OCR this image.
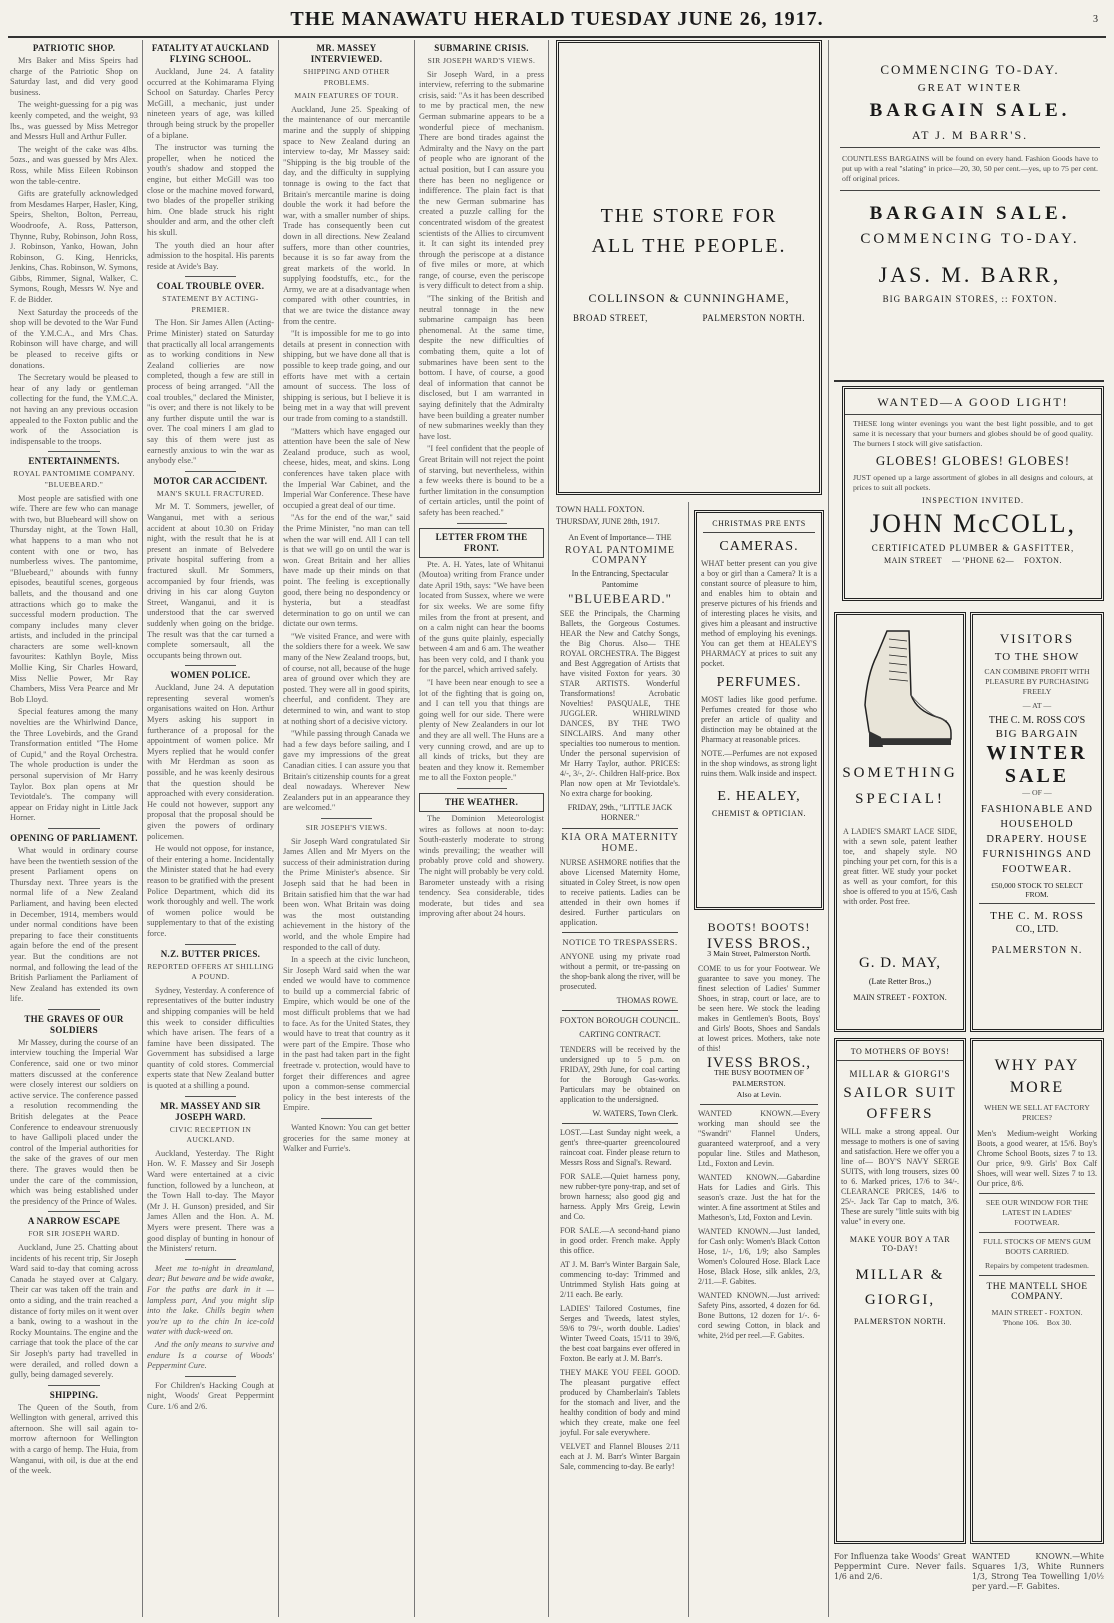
THE MANAWATU HERALD TUESDAY JUNE 26, 1917.	3
PATRIOTIC SHOP.
Mrs Baker and Miss Speirs had charge of the Patriotic Shop on Saturday last, and did very good business.
The weight-guessing for a pig was keenly competed, and the weight, 93 lbs., was guessed by Miss Metregor and Messrs Hull and Arthur Fuller.
The weight of the cake was 4lbs. 5ozs., and was guessed by Mrs Alex. Ross, while Miss Eileen Robinson won the table-centre.
Gifts are gratefully acknowledged from Mesdames Harper, Hasler, King, Speirs, Shelton, Bolton, Perreau, Woodroofe, A. Ross, Patterson, Thynne, Ruby, Robinson, John Ross, J. Robinson, Yanko, Howan, John Robinson, G. King, Henricks, Jenkins, Chas. Robinson, W. Symons, Gibbs, Rimmer, Signal, Walker, C. Symons, Rough, Messrs W. Nye and F. de Bidder.
Next Saturday the proceeds of the shop will be devoted to the War Fund of the Y.M.C.A., and Mrs Chas. Robinson will have charge, and will be pleased to receive gifts or donations.
The Secretary would be pleased to hear of any lady or gentleman collecting for the fund, the Y.M.C.A. not having an any previous occasion appealed to the Foxton public and the work of the Association is indispensable to the troops.
ENTERTAINMENTS.
ROYAL PANTOMIME COMPANY. "BLUEBEARD."
Most people are satisfied with one wife. There are few who can manage with two, but Bluebeard will show on Thursday night, at the Town Hall, what happens to a man who not content with one or two, has numberless wives. The pantomime, "Bluebeard," abounds with funny episodes, beautiful scenes, gorgeous ballets, and the thousand and one attractions which go to make the successful modern production. The company includes many clever artists, and included in the principal characters are some well-known favourites: Kathlyn Boyle, Miss Mollie King, Sir Charles Howard, Miss Nellie Power, Mr Ray Chambers, Miss Vera Pearce and Mr Bob Lloyd.
Special features among the many novelties are the Whirlwind Dance, the Three Lovebirds, and the Grand Transformation entitled "The Home of Cupid," and the Royal Orchestra. The whole production is under the personal supervision of Mr Harry Taylor. Box plan opens at Mr Teviotdale's. The company will appear on Friday night in Little Jack Horner.
OPENING OF PARLIAMENT.
What would in ordinary course have been the twentieth session of the present Parliament opens on Thursday next. Three years is the normal life of a New Zealand Parliament, and having been elected in December, 1914, members would under normal conditions have been preparing to face their constituents again before the end of the present year. But the conditions are not normal, and following the lead of the British Parliament the Parliament of New Zealand has extended its own life.
THE GRAVES OF OUR SOLDIERS
Mr Massey, during the course of an interview touching the Imperial War Conference, said one or two minor matters discussed at the conference were closely interest our soldiers on active service. The conference passed a resolution recommending the British delegates at the Peace Conference to endeavour strenuously to have Gallipoli placed under the control of the Imperial authorities for the sake of the graves of our men there. The graves would then be under the care of the commission, which was being established under the presidency of the Prince of Wales.
A NARROW ESCAPE
FOR SIR JOSEPH WARD.
Auckland, June 25. Chatting about incidents of his recent trip, Sir Joseph Ward said to-day that coming across Canada he stayed over at Calgary. Their car was taken off the train and onto a siding, and the train reached a distance of forty miles on it went over a bank, owing to a washout in the Rocky Mountains. The engine and the carriage that took the place of the car Sir Joseph's party had travelled in were derailed, and rolled down a gully, being damaged severely.
SHIPPING.
The Queen of the South, from Wellington with general, arrived this afternoon. She will sail again to-morrow afternoon for Wellington with a cargo of hemp. The Huia, from Wanganui, with oil, is due at the end of the week.
FATALITY AT AUCKLAND FLYING SCHOOL.
Auckland, June 24. A fatality occurred at the Kohimarama Flying School on Saturday. Charles Percy McGill, a mechanic, just under nineteen years of age, was killed through being struck by the propeller of a biplane.
The instructor was turning the propeller, when he noticed the youth's shadow and stopped the engine, but either McGill was too close or the machine moved forward, two blades of the propeller striking him. One blade struck his right shoulder and arm, and the other cleft his skull.
The youth died an hour after admission to the hospital. His parents reside at Avide's Bay.
COAL TROUBLE OVER.
STATEMENT BY ACTING-PREMIER.
The Hon. Sir James Allen (Acting-Prime Minister) stated on Saturday that practically all local arrangements as to working conditions in New Zealand collieries are now completed, though a few are still in process of being arranged. "All the coal troubles," declared the Minister, "is over; and there is not likely to be any further dispute until the war is over. The coal miners I am glad to say this of them were just as earnestly anxious to win the war as anybody else."
MOTOR CAR ACCIDENT.
MAN'S SKULL FRACTURED.
Mr M. T. Sommers, jeweller, of Wanganui, met with a serious accident at about 10.30 on Friday night, with the result that he is at present an inmate of Belvedere private hospital suffering from a fractured skull. Mr Sommers, accompanied by four friends, was driving in his car along Guyton Street, Wanganui, and it is understood that the car swerved suddenly when going on the bridge. The result was that the car turned a complete somersault, all the occupants being thrown out.
WOMEN POLICE.
Auckland, June 24. A deputation representing several women's organisations waited on Hon. Arthur Myers asking his support in furtherance of a proposal for the appointment of women police. Mr Myers replied that he would confer with Mr Herdman as soon as possible, and he was keenly desirous that the question should be approached with every consideration. He could not however, support any proposal that the proposal should be given the powers of ordinary policemen.
He would not oppose, for instance, of their entering a home. Incidentally the Minister stated that he had every reason to be gratified with the present Police Department, which did its work thoroughly and well. The work of women police would be supplementary to that of the existing force.
N.Z. BUTTER PRICES.
REPORTED OFFERS AT SHILLING A POUND.
Sydney, Yesterday. A conference of representatives of the butter industry and shipping companies will be held this week to consider difficulties which have arisen. The fears of a famine have been dissipated. The Government has subsidised a large quantity of cold stores. Commercial experts state that New Zealand butter is quoted at a shilling a pound.
MR. MASSEY AND SIR JOSEPH WARD.
CIVIC RECEPTION IN AUCKLAND.
Auckland, Yesterday. The Right Hon. W. F. Massey and Sir Joseph Ward were entertained at a civic function, followed by a luncheon, at the Town Hall to-day. The Mayor (Mr J. H. Gunson) presided, and Sir James Allen and the Hon. A. M. Myers were present. There was a good display of bunting in honour of the Ministers' return.
Meet me to-night in dreamland, dear; But beware and be wide awake, For the paths are dark in it — lampless part, And you might slip into the lake. Chills begin when you're up to the chin In ice-cold water with duck-weed on.
And the only means to survive and endure Is a course of Woods' Peppermint Cure.
For Children's Hacking Cough at night, Woods' Great Peppermint Cure. 1/6 and 2/6.
MR. MASSEY INTERVIEWED.
SHIPPING AND OTHER PROBLEMS.
MAIN FEATURES OF TOUR.
Auckland, June 25. Speaking of the maintenance of our mercantile marine and the supply of shipping space to New Zealand during an interview to-day, Mr Massey said: "Shipping is the big trouble of the day, and the difficulty in supplying tonnage is owing to the fact that Britain's mercantile marine is doing double the work it had before the war, with a smaller number of ships. Trade has consequently been cut down in all directions. New Zealand suffers, more than other countries, because it is so far away from the great markets of the world. In supplying foodstuffs, etc., for the Army, we are at a disadvantage when compared with other countries, in that we are twice the distance away from the centre.
"It is impossible for me to go into details at present in connection with shipping, but we have done all that is possible to keep trade going, and our efforts have met with a certain amount of success. The loss of shipping is serious, but I believe it is being met in a way that will prevent our trade from coming to a standstill.
"Matters which have engaged our attention have been the sale of New Zealand produce, such as wool, cheese, hides, meat, and skins. Long conferences have taken place with the Imperial War Cabinet, and the Imperial War Conference. These have occupied a great deal of our time.
"As for the end of the war," said the Prime Minister, "no man can tell when the war will end. All I can tell is that we will go on until the war is won. Great Britain and her allies have made up their minds on that point. The feeling is exceptionally good, there being no despondency or hysteria, but a steadfast determination to go on until we can dictate our own terms.
"We visited France, and were with the soldiers there for a week. We saw many of the New Zealand troops, but, of course, not all, because of the huge area of ground over which they are posted. They were all in good spirits, cheerful, and confident. They are determined to win, and want to stop at nothing short of a decisive victory.
"While passing through Canada we had a few days before sailing, and I gave my impressions of the great Canadian cities. I can assure you that Britain's citizenship counts for a great deal nowadays. Wherever New Zealanders put in an appearance they are welcomed."
SIR JOSEPH'S VIEWS.
Sir Joseph Ward congratulated Sir James Allen and Mr Myers on the success of their administration during the Prime Minister's absence. Sir Joseph said that he had been in Britain satisfied him that the war had been won. What Britain was doing was the most outstanding achievement in the history of the world, and the whole Empire had responded to the call of duty.
In a speech at the civic luncheon, Sir Joseph Ward said when the war ended we would have to commence to build up a commercial fabric of Empire, which would be one of the most difficult problems that we had to face. As for the United States, they would have to treat that country as it were part of the Empire. Those who in the past had taken part in the fight freetrade v. protection, would have to forget their differences and agree upon a common-sense commercial policy in the best interests of the Empire.
Wanted Known: You can get better groceries for the same money at Walker and Furrie's.
SUBMARINE CRISIS.
SIR JOSEPH WARD'S VIEWS.
Sir Joseph Ward, in a press interview, referring to the submarine crisis, said: "As it has been described to me by practical men, the new German submarine appears to be a wonderful piece of mechanism. There are bond tirades against the Admiralty and the Navy on the part of people who are ignorant of the actual position, but I can assure you there has been no negligence or indifference. The plain fact is that the new German submarine has created a puzzle calling for the concentrated wisdom of the greatest scientists of the Allies to circumvent it. It can sight its intended prey through the periscope at a distance of five miles or more, at which range, of course, even the periscope is very difficult to detect from a ship.
"The sinking of the British and neutral tonnage in the new submarine campaign has been phenomenal. At the same time, despite the new difficulties of combating them, quite a lot of submarines have been sent to the bottom. I have, of course, a good deal of information that cannot be disclosed, but I am warranted in saying definitely that the Admiralty have been building a greater number of new submarines weekly than they have lost.
"I feel confident that the people of Great Britain will not reject the point of starving, but nevertheless, within a few weeks there is bound to be a further limitation in the consumption of certain articles, until the point of safety has been reached."
LETTER FROM THE FRONT.
Pte. A. H. Yates, late of Whitanui (Moutoa) writing from France under date April 19th, says: "We have been located from Sussex, where we were for six weeks. We are some fifty miles from the front at present, and on a calm night can hear the booms of the guns quite plainly, especially between 4 am and 6 am. The weather has been very cold, and I thank you for the parcel, which arrived safely.
"I have been near enough to see a lot of the fighting that is going on, and I can tell you that things are going well for our side. There were plenty of New Zealanders in our lot and they are all well. The Huns are a very cunning crowd, and are up to all kinds of tricks, but they are beaten and they know it. Remember me to all the Foxton people."
THE WEATHER.
The Dominion Meteorologist wires as follows at noon to-day: South-easterly moderate to strong winds prevailing; the weather will probably prove cold and showery. The night will probably be very cold. Barometer unsteady with a rising tendency. Sea considerable, tides moderate, but tides and sea improving after about 24 hours.
THE STORE FOR
ALL THE PEOPLE.
COLLINSON & CUNNINGHAME,
BROAD STREET,	PALMERSTON NORTH.
COMMENCING TO-DAY.
GREAT WINTER
BARGAIN SALE.
AT J. M BARR'S.
COUNTLESS BARGAINS will be found on every hand. Fashion Goods have to put up with a real "slating" in price—20, 30, 50 per cent.—yes, up to 75 per cent. off original prices.
BARGAIN SALE.
COMMENCING TO-DAY.
JAS. M. BARR,
BIG BARGAIN STORES, :: FOXTON.
WANTED—A GOOD LIGHT!
THESE long winter evenings you want the best light possible, and to get same it is necessary that your burners and globes should be of good quality. The burners I stock will give satisfaction.
GLOBES! GLOBES! GLOBES!
JUST opened up a large assortment of globes in all designs and colours, at prices to suit all pockets.
INSPECTION INVITED.
JOHN McCOLL,
CERTIFICATED PLUMBER & GASFITTER,
MAIN STREET    — 'PHONE 62—    FOXTON.
TOWN HALL FOXTON.
THURSDAY, JUNE 28th, 1917.
An Event of Importance— THE
ROYAL PANTOMIME COMPANY
In the Entrancing, Spectacular Pantomime
"BLUEBEARD."
SEE the Principals, the Charming Ballets, the Gorgeous Costumes. HEAR the New and Catchy Songs, the Big Chorus. Also— THE ROYAL ORCHESTRA. The Biggest and Best Aggregation of Artists that have visited Foxton for years. 30 STAR ARTISTS. Wonderful Transformations! Acrobatic Novelties! PASQUALE, THE JUGGLER. WHIRLWIND DANCES, BY THE TWO SINCLAIRS. And many other specialties too numerous to mention. Under the personal supervision of Mr Harry Taylor, author. PRICES: 4/-, 3/-, 2/-. Children Half-price. Box Plan now open at Mr Teviotdale's. No extra charge for booking.
FRIDAY, 29th., "LITTLE JACK HORNER."
KIA ORA MATERNITY HOME.
NURSE ASHMORE notifies that the above Licensed Maternity Home, situated in Coley Street, is now open to receive patients. Ladies can be attended in their own homes if desired. Further particulars on application.
NOTICE TO TRESPASSERS.
ANYONE using my private road without a permit, or tre-passing on the shop-bank along the river, will be prosecuted.
THOMAS ROWE.
FOXTON BOROUGH COUNCIL.
CARTING CONTRACT.
TENDERS will be received by the undersigned up to 5 p.m. on FRIDAY, 29th June, for coal carting for the Borough Gas-works. Particulars may be obtained on application to the undersigned.
W. WATERS, Town Clerk.
LOST.—Last Sunday night week, a gent's three-quarter greencoloured raincoat coat. Finder please return to Messrs Ross and Signal's. Reward.
FOR SALE.—Quiet harness pony, new rubber-tyre pony-trap, and set of brown harness; also good gig and harness. Apply Mrs Greig, Lewin and Co.
FOR SALE.—A second-hand piano in good order. French make. Apply this office.
AT J. M. Barr's Winter Bargain Sale, commencing to-day: Trimmed and Untrimmed Stylish Hats going at 2/11 each. Be early.
LADIES' Tailored Costumes, fine Serges and Tweeds, latest styles, 59/6 to 79/-, worth double. Ladies' Winter Tweed Coats, 15/11 to 39/6, the best coat bargains ever offered in Foxton. Be early at J. M. Barr's.
THEY MAKE YOU FEEL GOOD. The pleasant purgative effect produced by Chamberlain's Tablets for the stomach and liver, and the healthy condition of body and mind which they create, make one feel joyful. For sale everywhere.
VELVET and Flannel Blouses 2/11 each at J. M. Barr's Winter Bargain Sale, commencing to-day. Be early!
CHRISTMAS PRE ENTS
CAMERAS.
WHAT better present can you give a boy or girl than a Camera? It is a constant source of pleasure to him, and enables him to obtain and preserve pictures of his friends and of interesting places he visits, and gives him a pleasant and instructive method of employing his evenings. You can get them at HEALEY'S PHARMACY at prices to suit any pocket.
PERFUMES.
MOST ladies like good perfume. Perfumes created for those who prefer an article of quality and distinction may be obtained at the Pharmacy at reasonable prices.
NOTE.—Perfumes are not exposed in the shop windows, as strong light ruins them. Walk inside and inspect.
E. HEALEY,
CHEMIST & OPTICIAN.
BOOTS! BOOTS!
IVESS BROS.,
3 Main Street, Palmerston North.
COME to us for your Footwear. We guarantee to save you money. The finest selection of Ladies' Summer Shoes, in strap, court or lace, are to be seen here. We stock the leading makes in Gentlemen's Boots, Boys' and Girls' Boots, Shoes and Sandals at lowest prices. Mothers, take note of this!
IVESS BROS.,
THE BUSY BOOTMEN OF PALMERSTON.
Also at Levin.
WANTED KNOWN.—Every working man should see the "Swandri" Flannel Unders, guaranteed waterproof, and a very popular line. Stiles and Matheson, Ltd., Foxton and Levin.
WANTED KNOWN.—Gabardine Hats for Ladies and Girls. This season's craze. Just the hat for the winter. A fine assortment at Stiles and Matheson's, Ltd, Foxton and Levin.
WANTED KNOWN.—Just landed, for Cash only: Women's Black Cotton Hose, 1/-, 1/6, 1/9; also Samples Women's Coloured Hose. Black Lace Hose, Black Hose, silk ankles, 2/3, 2/11.—F. Gabites.
WANTED KNOWN.—Just arrived: Safety Pins, assorted, 4 dozen for 6d. Bone Buttons, 12 dozen for 1/-. 6-cord sewing Cotton, in black and white, 2½d per reel.—F. Gabites.
SOMETHING
SPECIAL!
A LADIE'S SMART LACE SIDE, with a sewn sole, patent leather toe, and shapely style. NO pinching your pet corn, for this is a great fitter. WE study your pocket as well as your comfort, for this shoe is offered to you at 15/6, Cash with order. Post free.
G. D. MAY,
(Late Retter Bros.,)
MAIN STREET - FOXTON.
VISITORS
TO THE SHOW
CAN COMBINE PROFIT WITH PLEASURE BY PURCHASING FREELY
— AT —
THE C. M. ROSS CO'S
BIG BARGAIN
WINTER
SALE
— OF —
FASHIONABLE AND HOUSEHOLD DRAPERY. HOUSE FURNISHINGS AND FOOTWEAR.
£50,000 STOCK TO SELECT FROM.
THE C. M. ROSS
CO., LTD.
PALMERSTON N.
TO MOTHERS OF BOYS!
MILLAR & GIORGI'S
SAILOR SUIT
OFFERS
WILL make a strong appeal. Our message to mothers is one of saving and satisfaction. Here we offer you a line of— BOY'S NAVY SERGE SUITS, with long trousers, sizes 00 to 6. Marked prices, 17/6 to 34/-. CLEARANCE PRICES, 14/6 to 25/-. Jack Tar Cap to match, 3/6. These are surely "little suits with big value" in every one.
MAKE YOUR BOY A TAR TO-DAY!
MILLAR &
GIORGI,
PALMERSTON NORTH.
WHY PAY
MORE
WHEN WE SELL AT FACTORY PRICES?
Men's Medium-weight Working Boots, a good wearer, at 15/6. Boy's Chrome School Boots, sizes 7 to 13. Our price, 9/9. Girls' Box Calf Shoes, will wear well. Sizes 7 to 13. Our price, 8/6.
SEE OUR WINDOW FOR THE LATEST IN LADIES' FOOTWEAR.
FULL STOCKS OF MEN'S GUM BOOTS CARRIED.
Repairs by competent tradesmen.
THE MANTELL SHOE COMPANY.
MAIN STREET - FOXTON.
'Phone 106.    Box 30.
For Influenza take Woods' Great Peppermint Cure. Never fails. 1/6 and 2/6.
WANTED KNOWN.—White Squares 1/3, White Runners 1/3, Strong Tea Towelling 1/0½ per yard.—F. Gabites.
